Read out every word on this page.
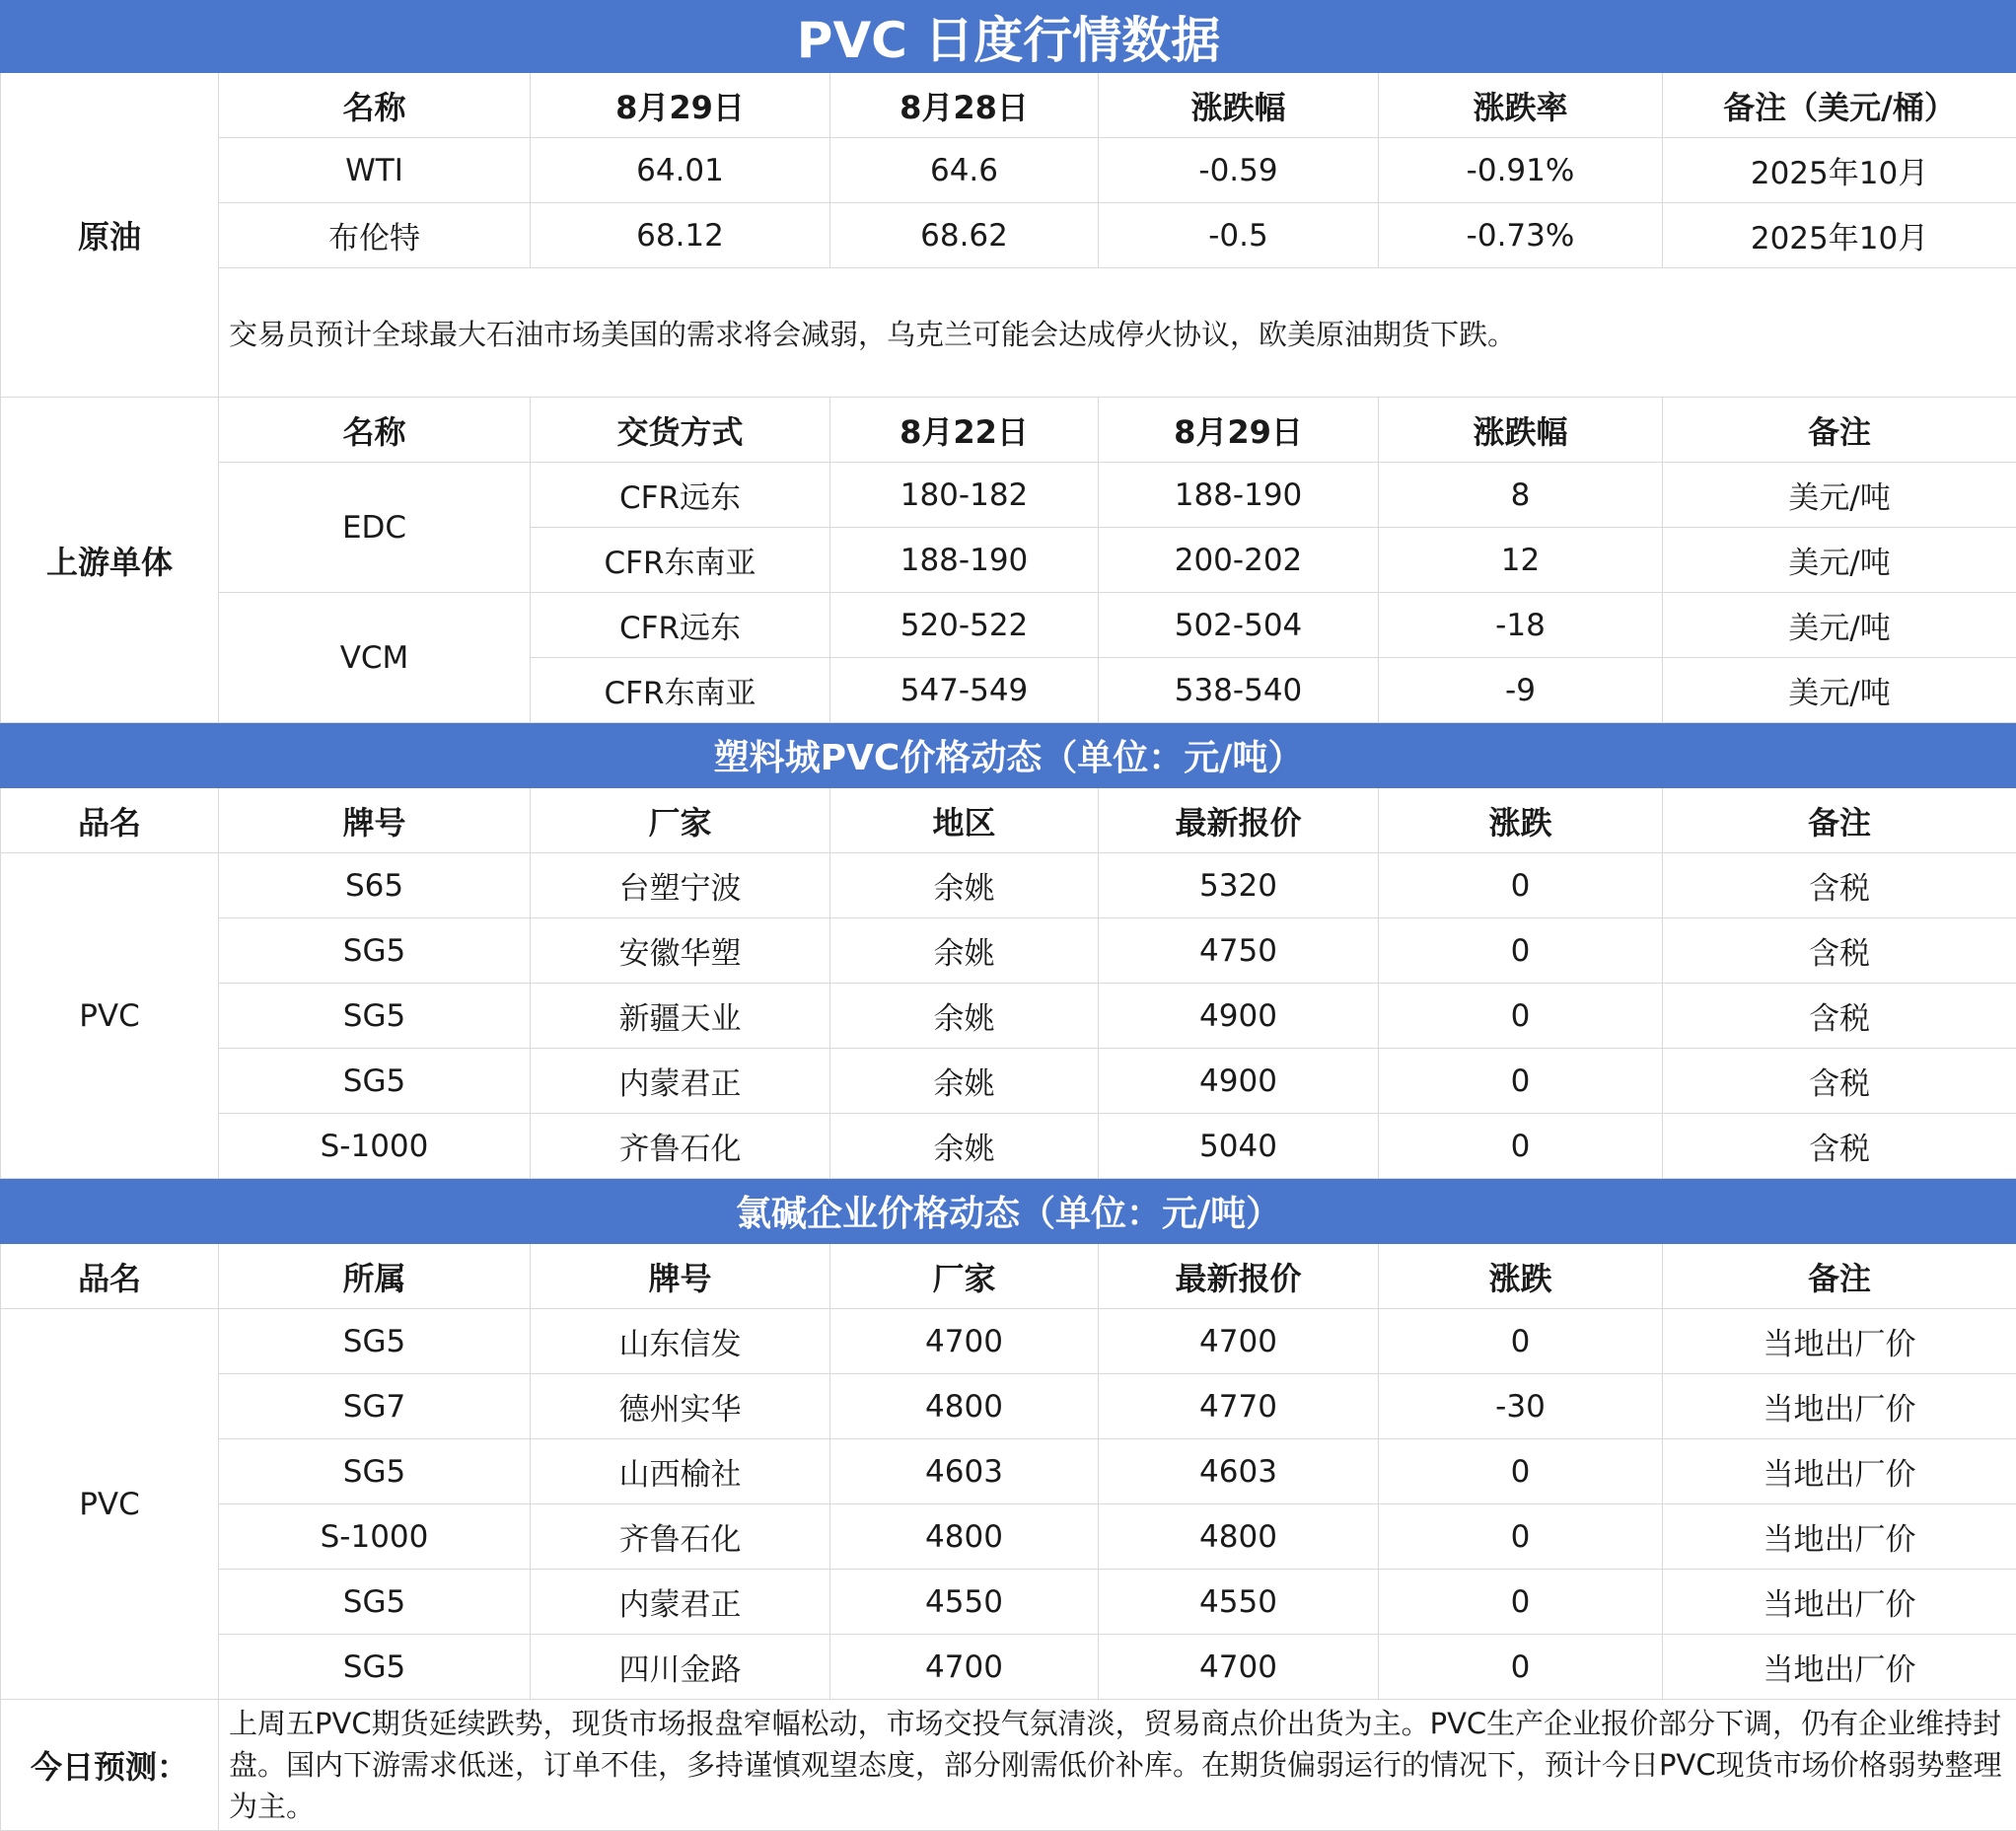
PVC 日度行情数据						
原油	名称	8月29日	8月28日	涨跌幅	涨跌率	备注（美元/桶）
	WTI	64.01	64.6	-0.59	-0.91%	2025年10月
	布伦特	68.12	68.62	-0.5	-0.73%	2025年10月
	交易员预计全球最大石油市场美国的需求将会减弱，乌克兰可能会达成停火协议，欧美原油期货下跌。					
上游单体	名称	交货方式	8月22日	8月29日	涨跌幅	备注
	EDC	CFR远东	180-182	188-190	8	美元/吨
		CFR东南亚	188-190	200-202	12	美元/吨
	VCM	CFR远东	520-522	502-504	-18	美元/吨
		CFR东南亚	547-549	538-540	-9	美元/吨
塑料城PVC价格动态（单位：元/吨）						
品名	牌号	厂家	地区	最新报价	涨跌	备注
PVC	S65	台塑宁波	余姚	5320	0	含税
	SG5	安徽华塑	余姚	4750	0	含税
	SG5	新疆天业	余姚	4900	0	含税
	SG5	内蒙君正	余姚	4900	0	含税
	S-1000	齐鲁石化	余姚	5040	0	含税
氯碱企业价格动态（单位：元/吨）						
品名	所属	牌号	厂家	最新报价	涨跌	备注
PVC	SG5	山东信发	4700	4700	0	当地出厂价
	SG7	德州实华	4800	4770	-30	当地出厂价
	SG5	山西榆社	4603	4603	0	当地出厂价
	S-1000	齐鲁石化	4800	4800	0	当地出厂价
	SG5	内蒙君正	4550	4550	0	当地出厂价
	SG5	四川金路	4700	4700	0	当地出厂价
今日预测：	上周五PVC期货延续跌势，现货市场报盘窄幅松动，市场交投气氛清淡，贸易商点价出货为主。PVC生产企业报价部分下调，仍有企业维持封盘。国内下游需求低迷，订单不佳，多持谨慎观望态度，部分刚需低价补库。在期货偏弱运行的情况下，预计今日PVC现货市场价格弱势整理为主。					
